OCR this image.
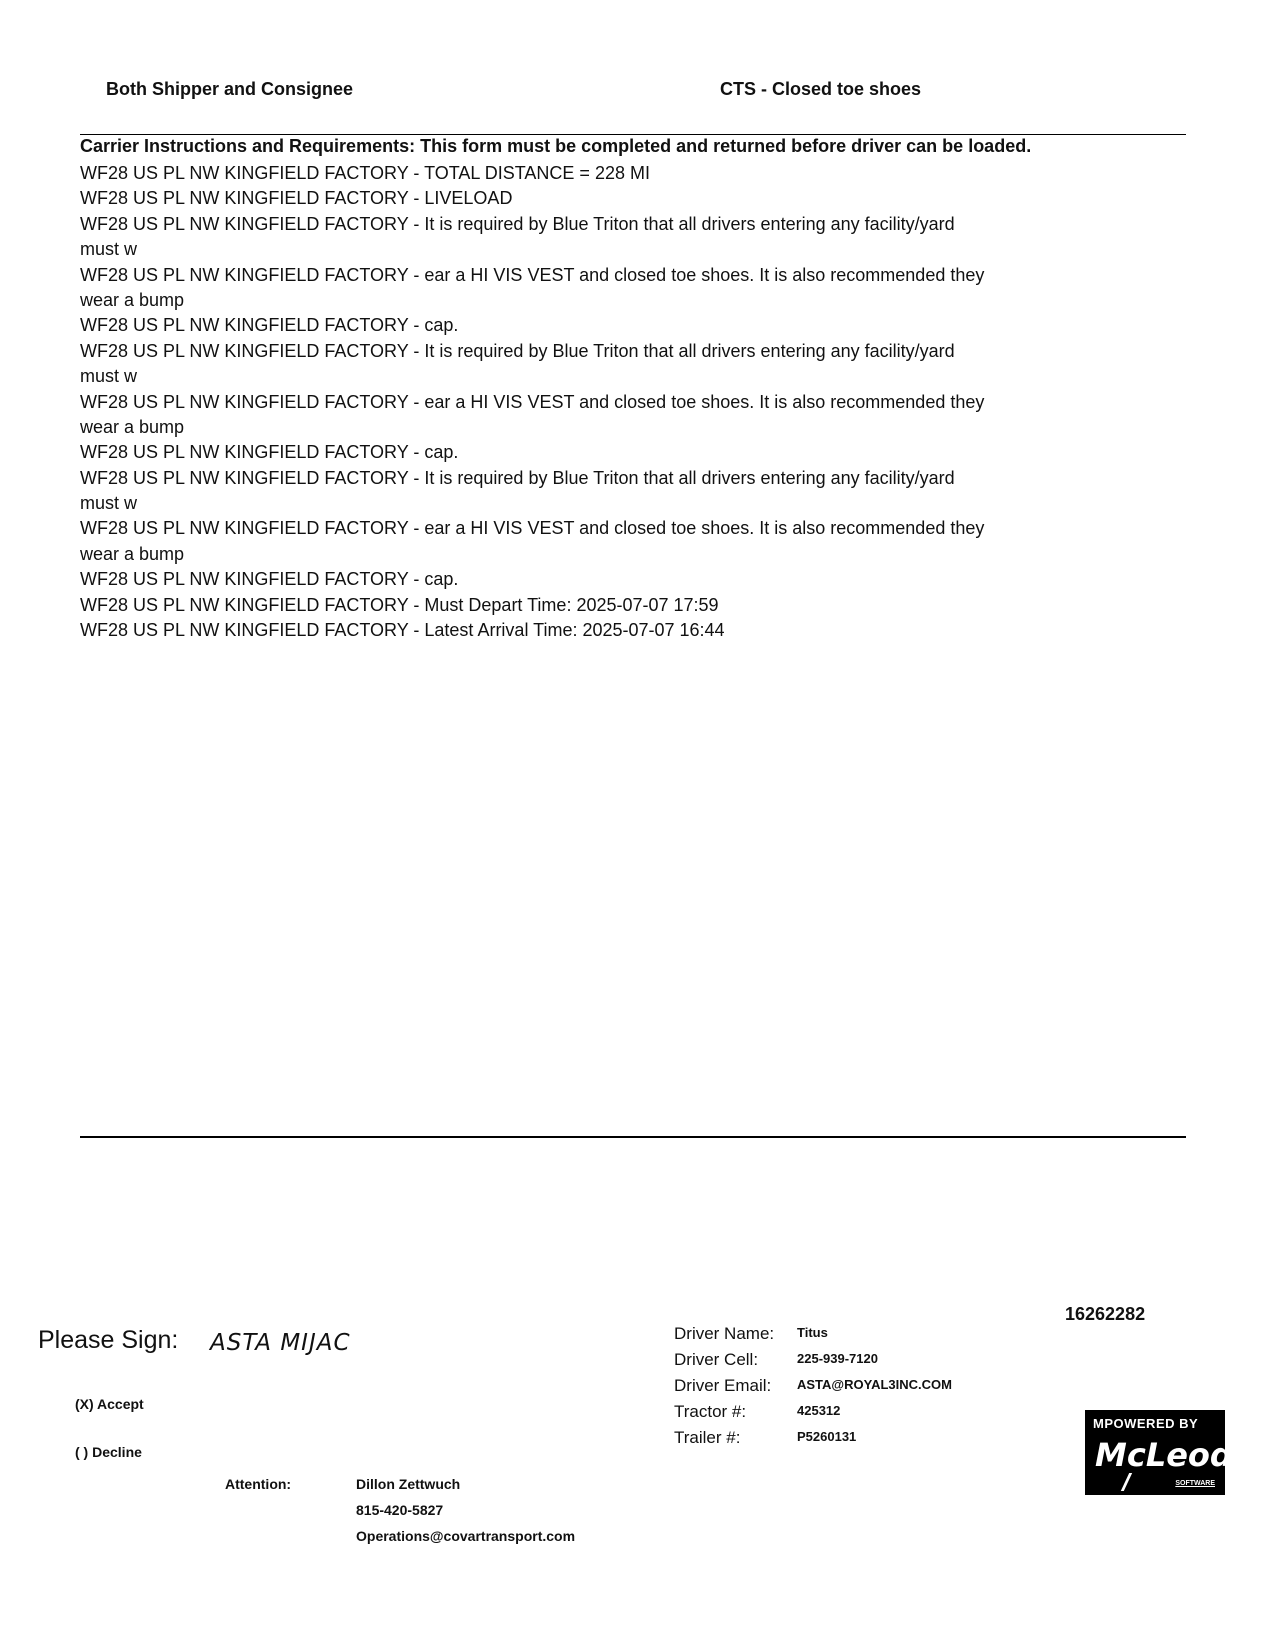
Both Shipper and Consignee	CTS - Closed toe shoes
Carrier Instructions and Requirements: This form must be completed and returned before driver can be loaded.
WF28 US PL NW KINGFIELD FACTORY - TOTAL DISTANCE = 228 MI
WF28 US PL NW KINGFIELD FACTORY - LIVELOAD
WF28 US PL NW KINGFIELD FACTORY - It is required by Blue Triton that all drivers entering any facility/yard
must w
WF28 US PL NW KINGFIELD FACTORY - ear a HI VIS VEST and closed toe shoes. It is also recommended they
wear a bump
WF28 US PL NW KINGFIELD FACTORY - cap.
WF28 US PL NW KINGFIELD FACTORY - It is required by Blue Triton that all drivers entering any facility/yard
must w
WF28 US PL NW KINGFIELD FACTORY - ear a HI VIS VEST and closed toe shoes. It is also recommended they
wear a bump
WF28 US PL NW KINGFIELD FACTORY - cap.
WF28 US PL NW KINGFIELD FACTORY - It is required by Blue Triton that all drivers entering any facility/yard
must w
WF28 US PL NW KINGFIELD FACTORY - ear a HI VIS VEST and closed toe shoes. It is also recommended they
wear a bump
WF28 US PL NW KINGFIELD FACTORY - cap.
WF28 US PL NW KINGFIELD FACTORY - Must Depart Time: 2025-07-07 17:59
WF28 US PL NW KINGFIELD FACTORY - Latest Arrival Time: 2025-07-07 16:44
Please Sign: ASTA MIJAC
(X) Accept
( ) Decline
Attention:	Dillon Zettwuch
815-420-5827
Operations@covartransport.com
Driver Name: Titus
Driver Cell:	225-939-7120
Driver Email: ASTA@ROYAL3INC.COM
Tractor #:	425312
Trailer #:	P5260131
16262282
MPOWERED BY
McLeod
SOFTWARE
